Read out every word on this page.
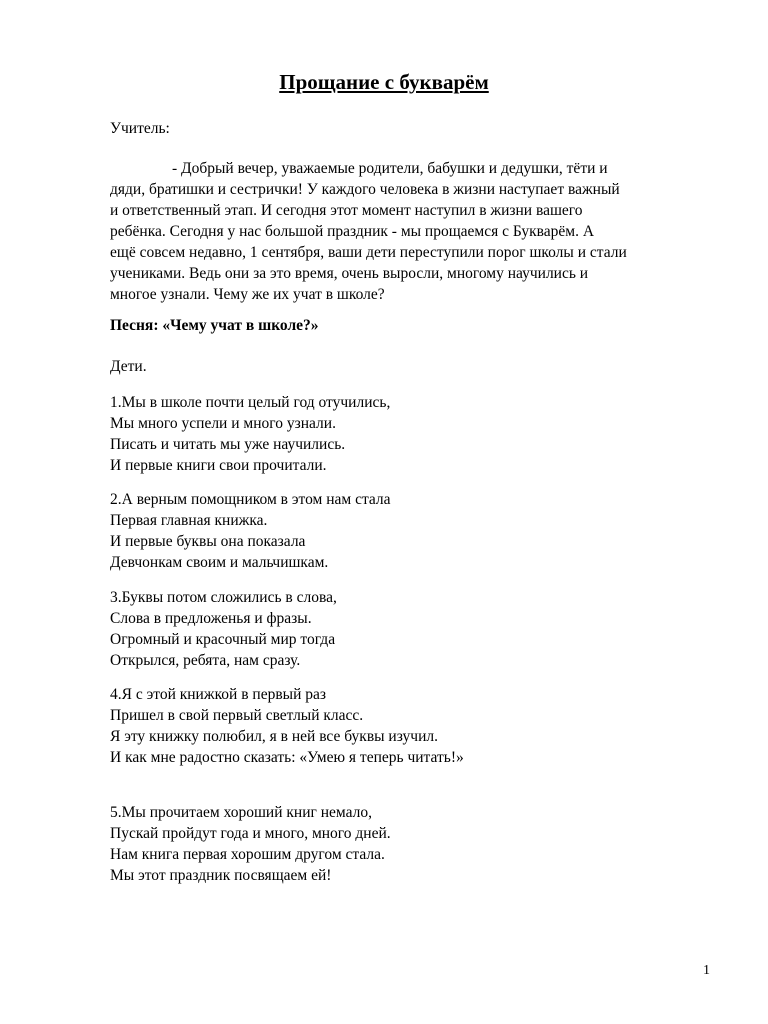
Прощание с букварём
Учитель:
- Добрый вечер, уважаемые родители, бабушки и дедушки, тёти и
дяди, братишки и сестрички! У каждого человека в жизни наступает важный
и ответственный этап. И сегодня этот момент наступил в жизни вашего
ребёнка. Сегодня у нас большой праздник - мы прощаемся с Букварём. А
ещё совсем недавно, 1 сентября, ваши дети переступили порог школы и стали
учениками. Ведь они за это время, очень выросли, многому научились и
многое узнали. Чему же их учат в школе?
Песня: «Чему учат в школе?»
Дети.
1.Мы в школе почти целый год отучились,
Мы много успели и много узнали.
Писать и читать мы уже научились.
И первые книги свои прочитали.
2.А верным помощником в этом нам стала
Первая главная книжка.
И первые буквы она показала
Девчонкам своим и мальчишкам.
3.Буквы потом сложились в слова,
Слова в предложенья и фразы.
Огромный и красочный мир тогда
Открылся, ребята, нам сразу.
4.Я с этой книжкой в первый раз
Пришел в свой первый светлый класс.
Я эту книжку полюбил, я в ней все буквы изучил.
И как мне радостно сказать: «Умею я теперь читать!»
5.Мы прочитаем хороший книг немало,
Пускай пройдут года и много, много дней.
Нам книга первая хорошим другом стала.
Мы этот праздник посвящаем ей!
1
